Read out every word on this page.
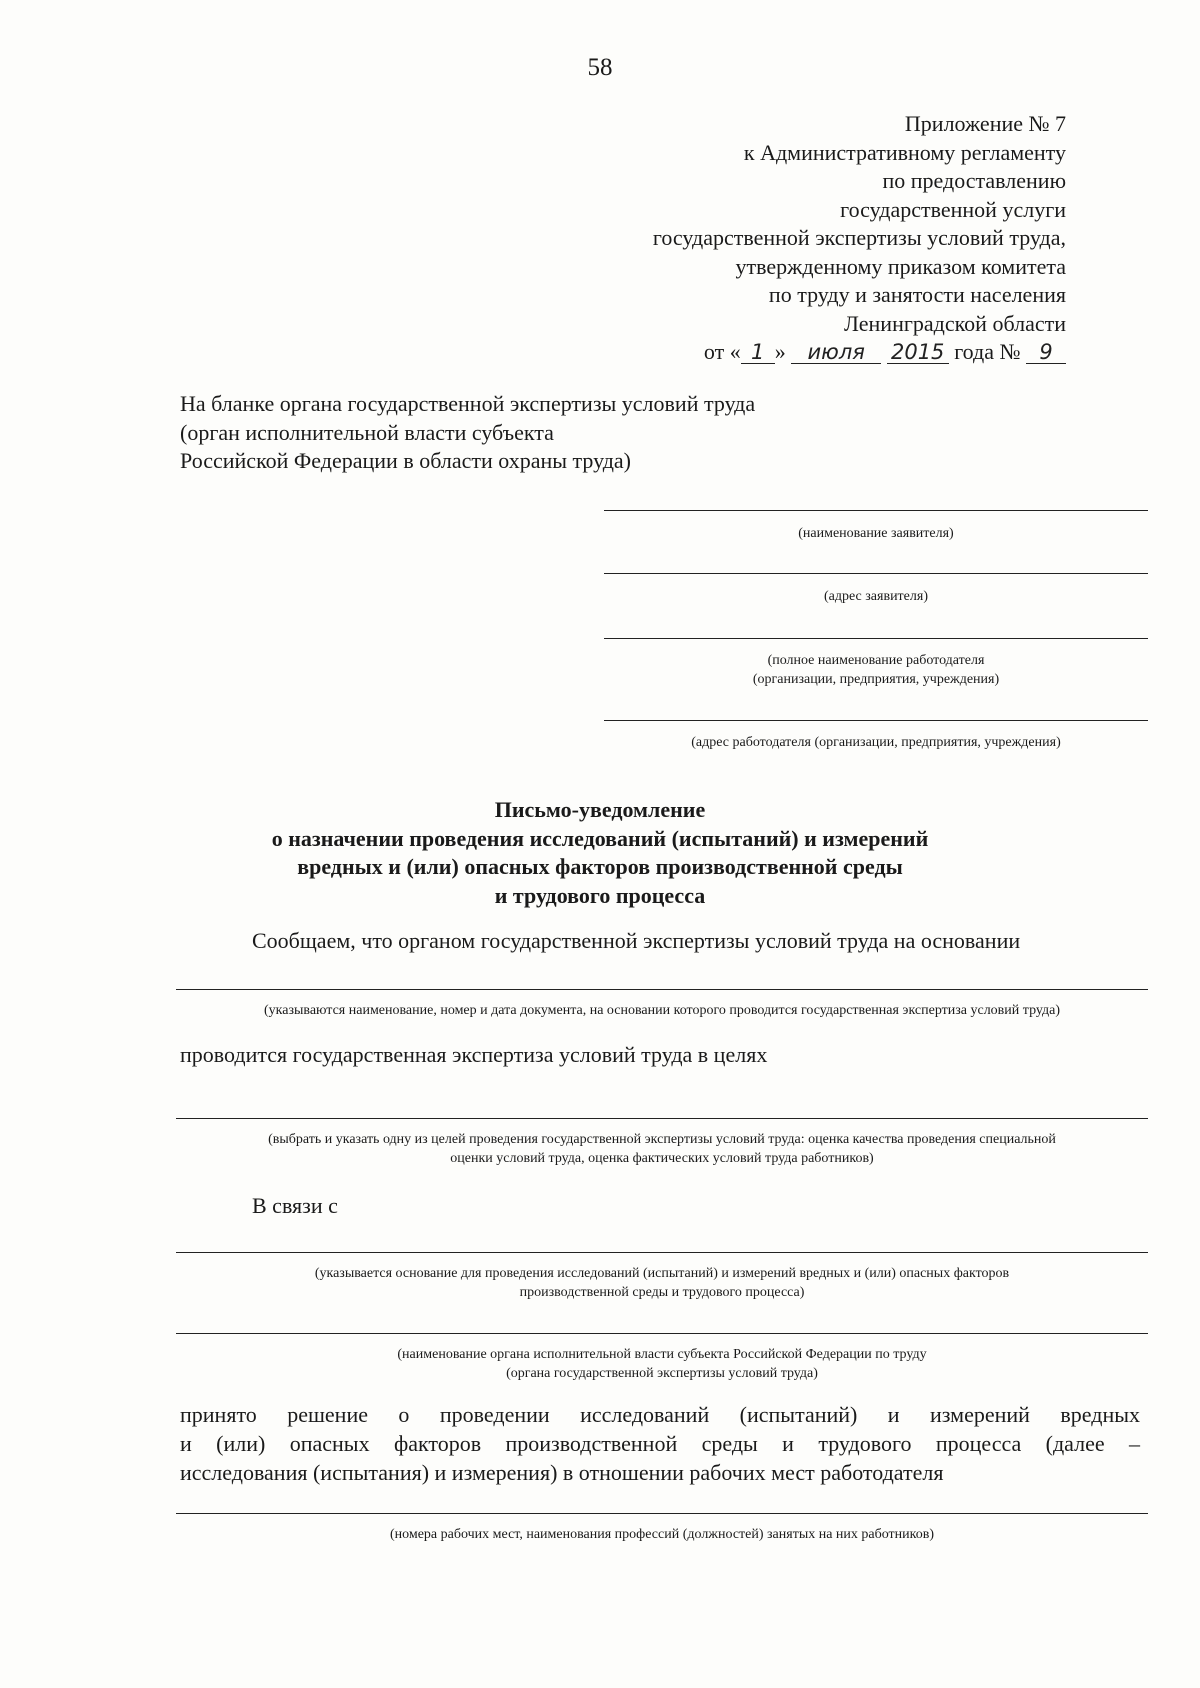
58
Приложение № 7
к Административному регламенту
по предоставлению
государственной услуги
государственной экспертизы условий труда,
утвержденному приказом комитета
по труду и занятости населения
Ленинградской области
от « 1 » июля 2015 года № 9
На бланке органа государственной экспертизы условий труда
(орган исполнительной власти субъекта
Российской Федерации в области охраны труда)
(наименование заявителя)
(адрес заявителя)
(полное наименование работодателя
(организации, предприятия, учреждения)
(адрес работодателя (организации, предприятия, учреждения)
Письмо-уведомление
о назначении проведения исследований (испытаний) и измерений
вредных и (или) опасных факторов производственной среды
и трудового процесса
Сообщаем, что органом государственной экспертизы условий труда на основании
(указываются наименование, номер и дата документа, на основании которого проводится государственная экспертиза условий труда)
проводится государственная экспертиза условий труда в целях
(выбрать и указать одну из целей проведения государственной экспертизы условий труда: оценка качества проведения специальной
оценки условий труда, оценка фактических условий труда работников)
В связи с
(указывается основание для проведения исследований (испытаний) и измерений вредных и (или) опасных факторов
производственной среды и трудового процесса)
(наименование органа исполнительной власти субъекта Российской Федерации по труду
(органа государственной экспертизы условий труда)
принято решение о проведении исследований (испытаний) и измерений вредных
и (или) опасных факторов производственной среды и трудового процесса (далее –
исследования (испытания) и измерения) в отношении рабочих мест работодателя
(номера рабочих мест, наименования профессий (должностей) занятых на них работников)
